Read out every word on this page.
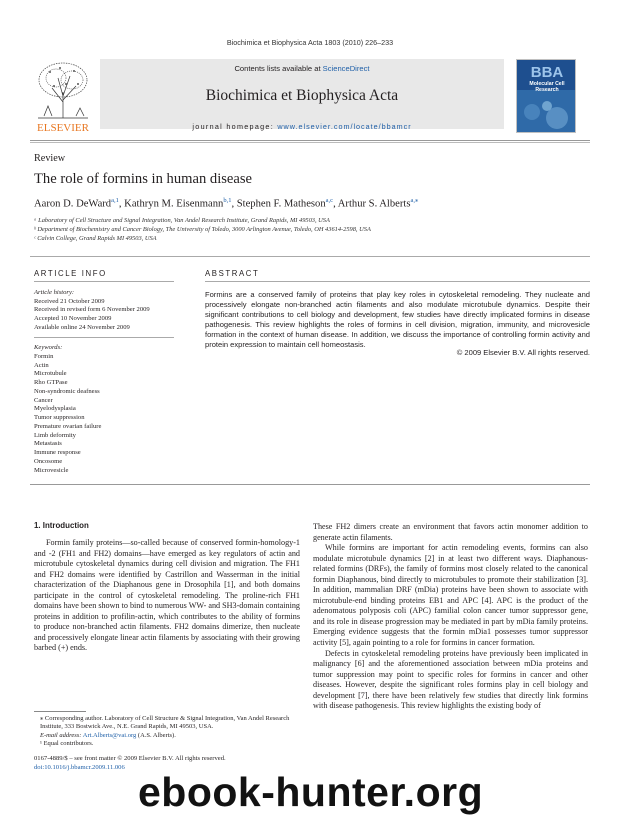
Biochimica et Biophysica Acta 1803 (2010) 226–233
Contents lists available at ScienceDirect
Biochimica et Biophysica Acta
journal homepage: www.elsevier.com/locate/bbamcr
ELSEVIER
BBA
Molecular Cell
Research
Review
The role of formins in human disease
Aaron D. DeWard$^{a,1}$, Kathryn M. Eisenmann$^{b,1}$, Stephen F. Matheson$^{a,c}$, Arthur S. Alberts$^{a,⁎}$
ᵃ Laboratory of Cell Structure and Signal Integration, Van Andel Research Institute, Grand Rapids, MI 49503, USA
ᵇ Department of Biochemistry and Cancer Biology, The University of Toledo, 3000 Arlington Avenue, Toledo, OH 43614-2598, USA
ᶜ Calvin College, Grand Rapids MI 49503, USA
ARTICLE INFO
Article history:
Received 21 October 2009
Received in revised form 6 November 2009
Accepted 10 November 2009
Available online 24 November 2009
Keywords:
Formin
Actin
Microtubule
Rho GTPase
Non-syndromic deafness
Cancer
Myelodysplasia
Tumor suppression
Premature ovarian failure
Limb deformity
Metastasis
Immune response
Oncosome
Microvesicle
ABSTRACT
Formins are a conserved family of proteins that play key roles in cytoskeletal remodeling. They nucleate and processively elongate non-branched actin filaments and also modulate microtubule dynamics. Despite their significant contributions to cell biology and development, few studies have directly implicated formins in disease pathogenesis. This review highlights the roles of formins in cell division, migration, immunity, and microvesicle formation in the context of human disease. In addition, we discuss the importance of controlling formin activity and protein expression to maintain cell homeostasis.
© 2009 Elsevier B.V. All rights reserved.
1. Introduction

Formin family proteins—so-called because of conserved formin-homology-1 and -2 (FH1 and FH2) domains—have emerged as key regulators of actin and microtubule cytoskeletal dynamics during cell division and migration. The FH1 and FH2 domains were identified by Castrillon and Wasserman in the initial characterization of the Diaphanous gene in Drosophila [1], and both domains participate in the control of cytoskeletal remodeling. The proline-rich FH1 domains have been shown to bind to numerous WW- and SH3-domain containing proteins in addition to profilin-actin, which contributes to the ability of formins to produce non-branched actin filaments. FH2 domains dimerize, then nucleate and processively elongate linear actin filaments by associating with their growing barbed (+) ends.

These FH2 dimers create an environment that favors actin monomer addition to generate actin filaments.

While formins are important for actin remodeling events, formins can also modulate microtubule dynamics [2] in at least two different ways. Diaphanous-related formins (DRFs), the family of formins most closely related to the canonical formin Diaphanous, bind directly to microtubules to promote their stabilization [3]. In addition, mammalian DRF (mDia) proteins have been shown to associate with microtubule-end binding proteins EB1 and APC [4]. APC is the product of the adenomatous polyposis coli (APC) familial colon cancer tumor suppressor gene, and its role in disease progression may be mediated in part by mDia family proteins. Emerging evidence suggests that the formin mDia1 possesses tumor suppressor activity [5], again pointing to a role for formins in cancer formation.

Defects in cytoskeletal remodeling proteins have previously been implicated in malignancy [6] and the aforementioned association between mDia proteins and tumor suppression may point to specific roles for formins in cancer and other diseases. However, despite the significant roles formins play in cell biology and development [7], there have been relatively few studies that directly link formins with disease pathogenesis. This review highlights the existing body of

⁎ Corresponding author. Laboratory of Cell Structure & Signal Integration, Van Andel Research Institute, 333 Bostwick Ave., N.E. Grand Rapids, MI 49503, USA.
E-mail address: Art.Alberts@vai.org (A.S. Alberts).
¹ Equal contributors.
0167-4889/$ – see front matter © 2009 Elsevier B.V. All rights reserved.
doi:10.1016/j.bbamcr.2009.11.006
ebook-hunter.org
